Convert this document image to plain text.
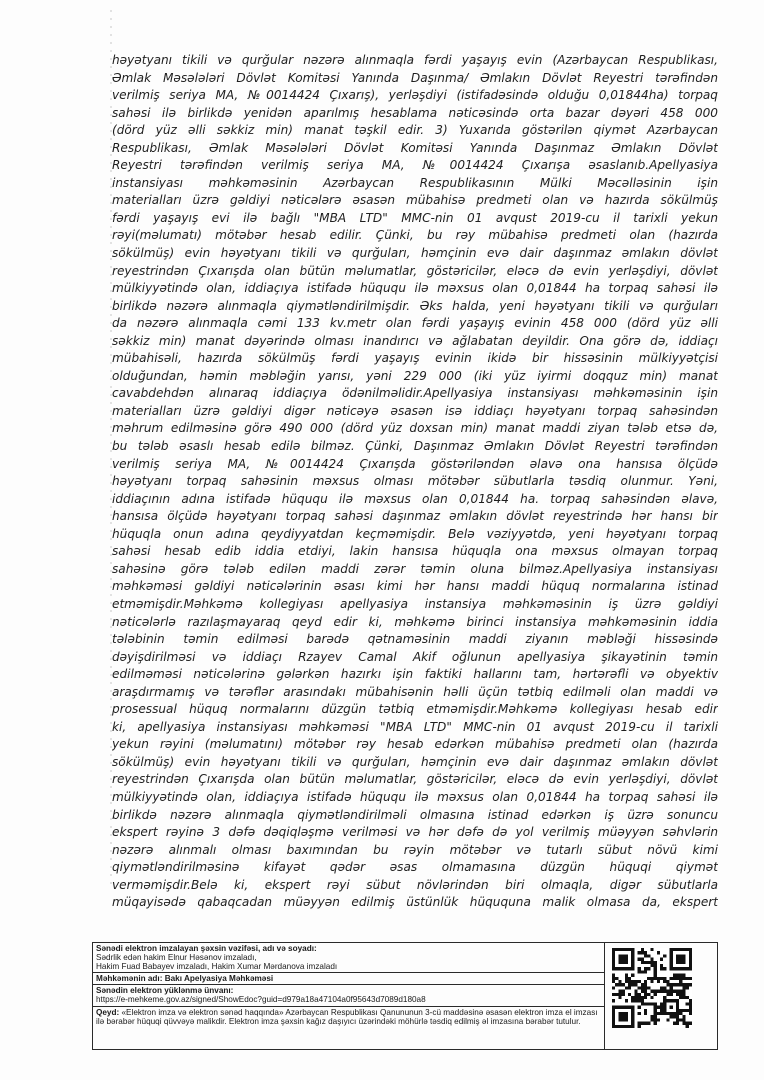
həyətyanı tikili və qurğular nəzərə alınmaqla fərdi yaşayış evin (Azərbaycan Respublikası,
Əmlak Məsələləri Dövlət Komitəsi Yanında Daşınma/ Əmlakın Dövlət Reyestri tərəfindən
verilmiş seriya MA, №0014424 Çıxarış), yerləşdiyi (istifadəsində olduğu 0,01844ha) torpaq
sahəsi ilə birlikdə yenidən aparılmış hesablama nəticəsində orta bazar dəyəri 458 000
(dörd yüz əlli səkkiz min) manat təşkil edir. 3) Yuxarıda göstərilən qiymət Azərbaycan
Respublikası, Əmlak Məsələləri Dövlət Komitəsi Yanında Daşınmaz Əmlakın Dövlət
Reyestri tərəfindən verilmiş seriya MA, №0014424 Çıxarışa əsaslanıb.Apellyasiya
instansiyası məhkəməsinin Azərbaycan Respublikasının Mülki Məcəlləsinin işin
materialları üzrə gəldiyi nəticələrə əsasən mübahisə predmeti olan və hazırda sökülmüş
fərdi yaşayış evi ilə bağlı "MBA LTD" MMC-nin 01 avqust 2019-cu il tarixli yekun
rəyi(məlumatı) mötəbər hesab edilir. Çünki, bu rəy mübahisə predmeti olan (hazırda
sökülmüş) evin həyətyanı tikili və qurğuları, həmçinin evə dair daşınmaz əmlakın dövlət
reyestrindən Çıxarışda olan bütün məlumatlar, göstəricilər, eləcə də evin yerləşdiyi, dövlət
mülkiyyətində olan, iddiaçıya istifadə hüququ ilə məxsus olan 0,01844 ha torpaq sahəsi ilə
birlikdə nəzərə alınmaqla qiymətləndirilmişdir. Əks halda, yeni həyətyanı tikili və qurğuları
da nəzərə alınmaqla cəmi 133 kv.metr olan fərdi yaşayış evinin 458 000 (dörd yüz əlli
səkkiz min) manat dəyərində olması inandırıcı və ağlabatan deyildir. Ona görə də, iddiaçı
mübahisəli, hazırda sökülmüş fərdi yaşayış evinin ikidə bir hissəsinin mülkiyyətçisi
olduğundan, həmin məbləğin yarısı, yəni 229 000 (iki yüz iyirmi doqquz min) manat
cavabdehdən alınaraq iddiaçıya ödənilməlidir.Apellyasiya instansiyası məhkəməsinin işin
materialları üzrə gəldiyi digər nəticəyə əsasən isə iddiaçı həyətyanı torpaq sahəsindən
məhrum edilməsinə görə 490 000 (dörd yüz doxsan min) manat maddi ziyan tələb etsə də,
bu tələb əsaslı hesab edilə bilməz. Çünki, Daşınmaz Əmlakın Dövlət Reyestri tərəfindən
verilmiş seriya MA, №0014424 Çıxarışda göstəriləndən əlavə ona hansısa ölçüdə
həyətyanı torpaq sahəsinin məxsus olması mötəbər sübutlarla təsdiq olunmur. Yəni,
iddiaçının adına istifadə hüququ ilə məxsus olan 0,01844 ha. torpaq sahəsindən əlavə,
hansısa ölçüdə həyətyanı torpaq sahəsi daşınmaz əmlakın dövlət reyestrində hər hansı bir
hüquqla onun adına qeydiyyatdan keçməmişdir. Belə vəziyyətdə, yeni həyətyanı torpaq
sahəsi hesab edib iddia etdiyi, lakin hansısa hüquqla ona məxsus olmayan torpaq
sahəsinə görə tələb edilən maddi zərər təmin oluna bilməz.Apellyasiya instansiyası
məhkəməsi gəldiyi nəticələrinin əsası kimi hər hansı maddi hüquq normalarına istinad
etməmişdir.Məhkəmə kollegiyası apellyasiya instansiya məhkəməsinin iş üzrə gəldiyi
nəticələrlə razılaşmayaraq qeyd edir ki, məhkəmə birinci instansiya məhkəməsinin iddia
tələbinin təmin edilməsi barədə qətnaməsinin maddi ziyanın məbləği hissəsində
dəyişdirilməsi və iddiaçı Rzayev Camal Akif oğlunun apellyasiya şikayətinin təmin
edilməməsi nəticələrinə gələrkən hazırkı işin faktiki hallarını tam, hərtərəfli və obyektiv
araşdırmamış və tərəflər arasındakı mübahisənin həlli üçün tətbiq edilməli olan maddi və
prosessual hüquq normalarını düzgün tətbiq etməmişdir.Məhkəmə kollegiyası hesab edir
ki, apellyasiya instansiyası məhkəməsi "MBA LTD" MMC-nin 01 avqust 2019-cu il tarixli
yekun rəyini (məlumatını) mötəbər rəy hesab edərkən mübahisə predmeti olan (hazırda
sökülmüş) evin həyətyanı tikili və qurğuları, həmçinin evə dair daşınmaz əmlakın dövlət
reyestrindən Çıxarışda olan bütün məlumatlar, göstəricilər, eləcə də evin yerləşdiyi, dövlət
mülkiyyətində olan, iddiaçıya istifadə hüququ ilə məxsus olan 0,01844 ha torpaq sahəsi ilə
birlikdə nəzərə alınmaqla qiymətləndirilməli olmasına istinad edərkən iş üzrə sonuncu
ekspert rəyinə 3 dəfə dəqiqləşmə verilməsi və hər dəfə də yol verilmiş müəyyən səhvlərin
nəzərə alınmalı olması baxımından bu rəyin mötəbər və tutarlı sübut növü kimi
qiymətləndirilməsinə kifayət qədər əsas olmamasına düzgün hüquqi qiymət
verməmişdir.Belə ki, ekspert rəyi sübut növlərindən biri olmaqla, digər sübutlarla
müqayisədə qabaqcadan müəyyən edilmiş üstünlük hüququna malik olmasa da, ekspert
Sənədi elektron imzalayan şəxsin vəzifəsi, adı və soyadı:
Sədrlik edən hakim Elnur Həsənov imzaladı,
Hakim Fuad Babayev imzaladı, Hakim Xumar Mərdanova imzaladı
Məhkəmənin adı: Bakı Apelyasiya Məhkəməsi
Sənədin elektron yüklənmə ünvanı:
https://e-mehkeme.gov.az/signed/ShowEdoc?guid=d979a18a47104a0f95643d7089d180a8
Qeyd: «Elektron imza və elektron sənəd haqqında» Azərbaycan Respublikası Qanununun 3-cü maddəsinə əsasən elektron imza el imzası ilə bərabər hüquqi qüvvəyə malikdir. Elektron imza şəxsin kağız daşıyıcı üzərindəki möhürlə təsdiq edilmiş əl imzasına bərabər tutulur.
